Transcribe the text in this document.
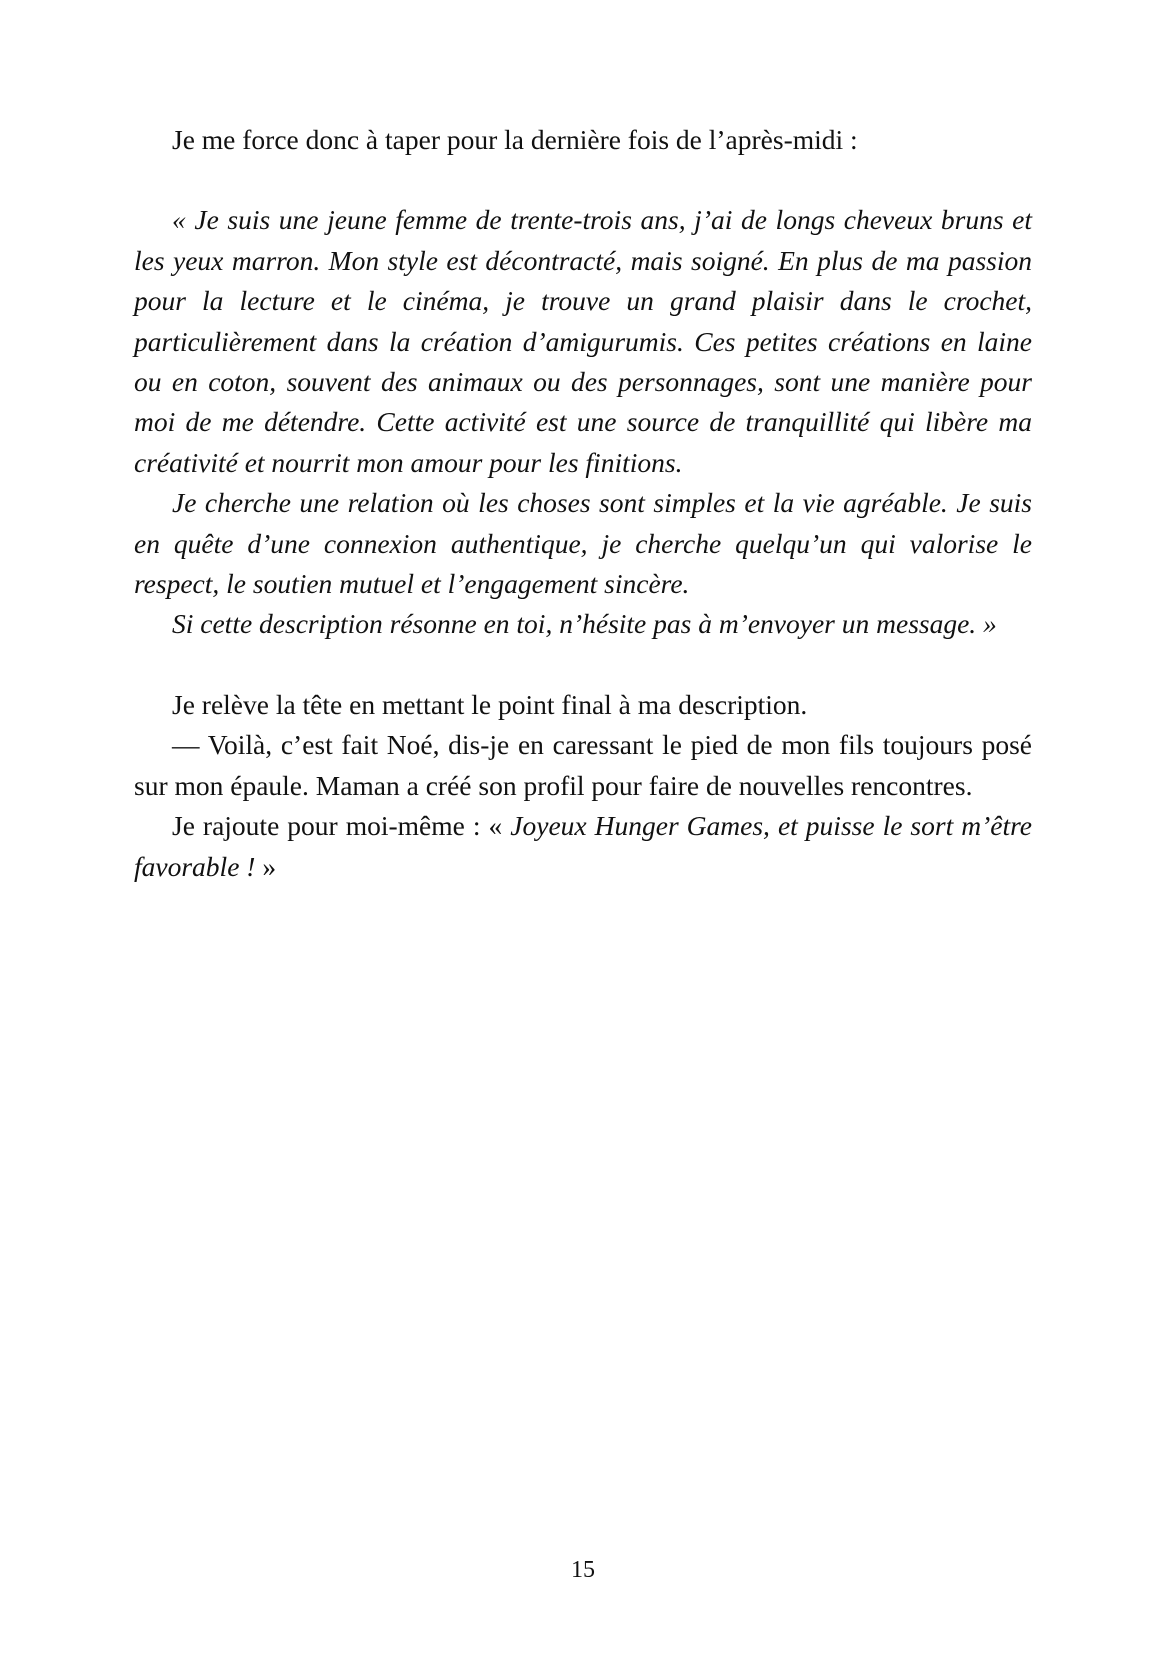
Je me force donc à taper pour la dernière fois de l’après-midi :

« Je suis une jeune femme de trente-trois ans, j’ai de longs cheveux bruns et les yeux marron. Mon style est décontracté, mais soigné. En plus de ma passion pour la lecture et le cinéma, je trouve un grand plaisir dans le crochet, particulièrement dans la création d’amigurumis. Ces petites créations en laine ou en coton, souvent des animaux ou des personnages, sont une manière pour moi de me détendre. Cette activité est une source de tranquillité qui libère ma créativité et nourrit mon amour pour les finitions.

Je cherche une relation où les choses sont simples et la vie agréable. Je suis en quête d’une connexion authentique, je cherche quelqu’un qui valorise le respect, le soutien mutuel et l’engagement sincère.

Si cette description résonne en toi, n’hésite pas à m’envoyer un message. »

Je relève la tête en mettant le point final à ma description.

— Voilà, c’est fait Noé, dis-je en caressant le pied de mon fils toujours posé sur mon épaule. Maman a créé son profil pour faire de nouvelles rencontres.

Je rajoute pour moi-même : « Joyeux Hunger Games, et puisse le sort m’être favorable ! »

15
